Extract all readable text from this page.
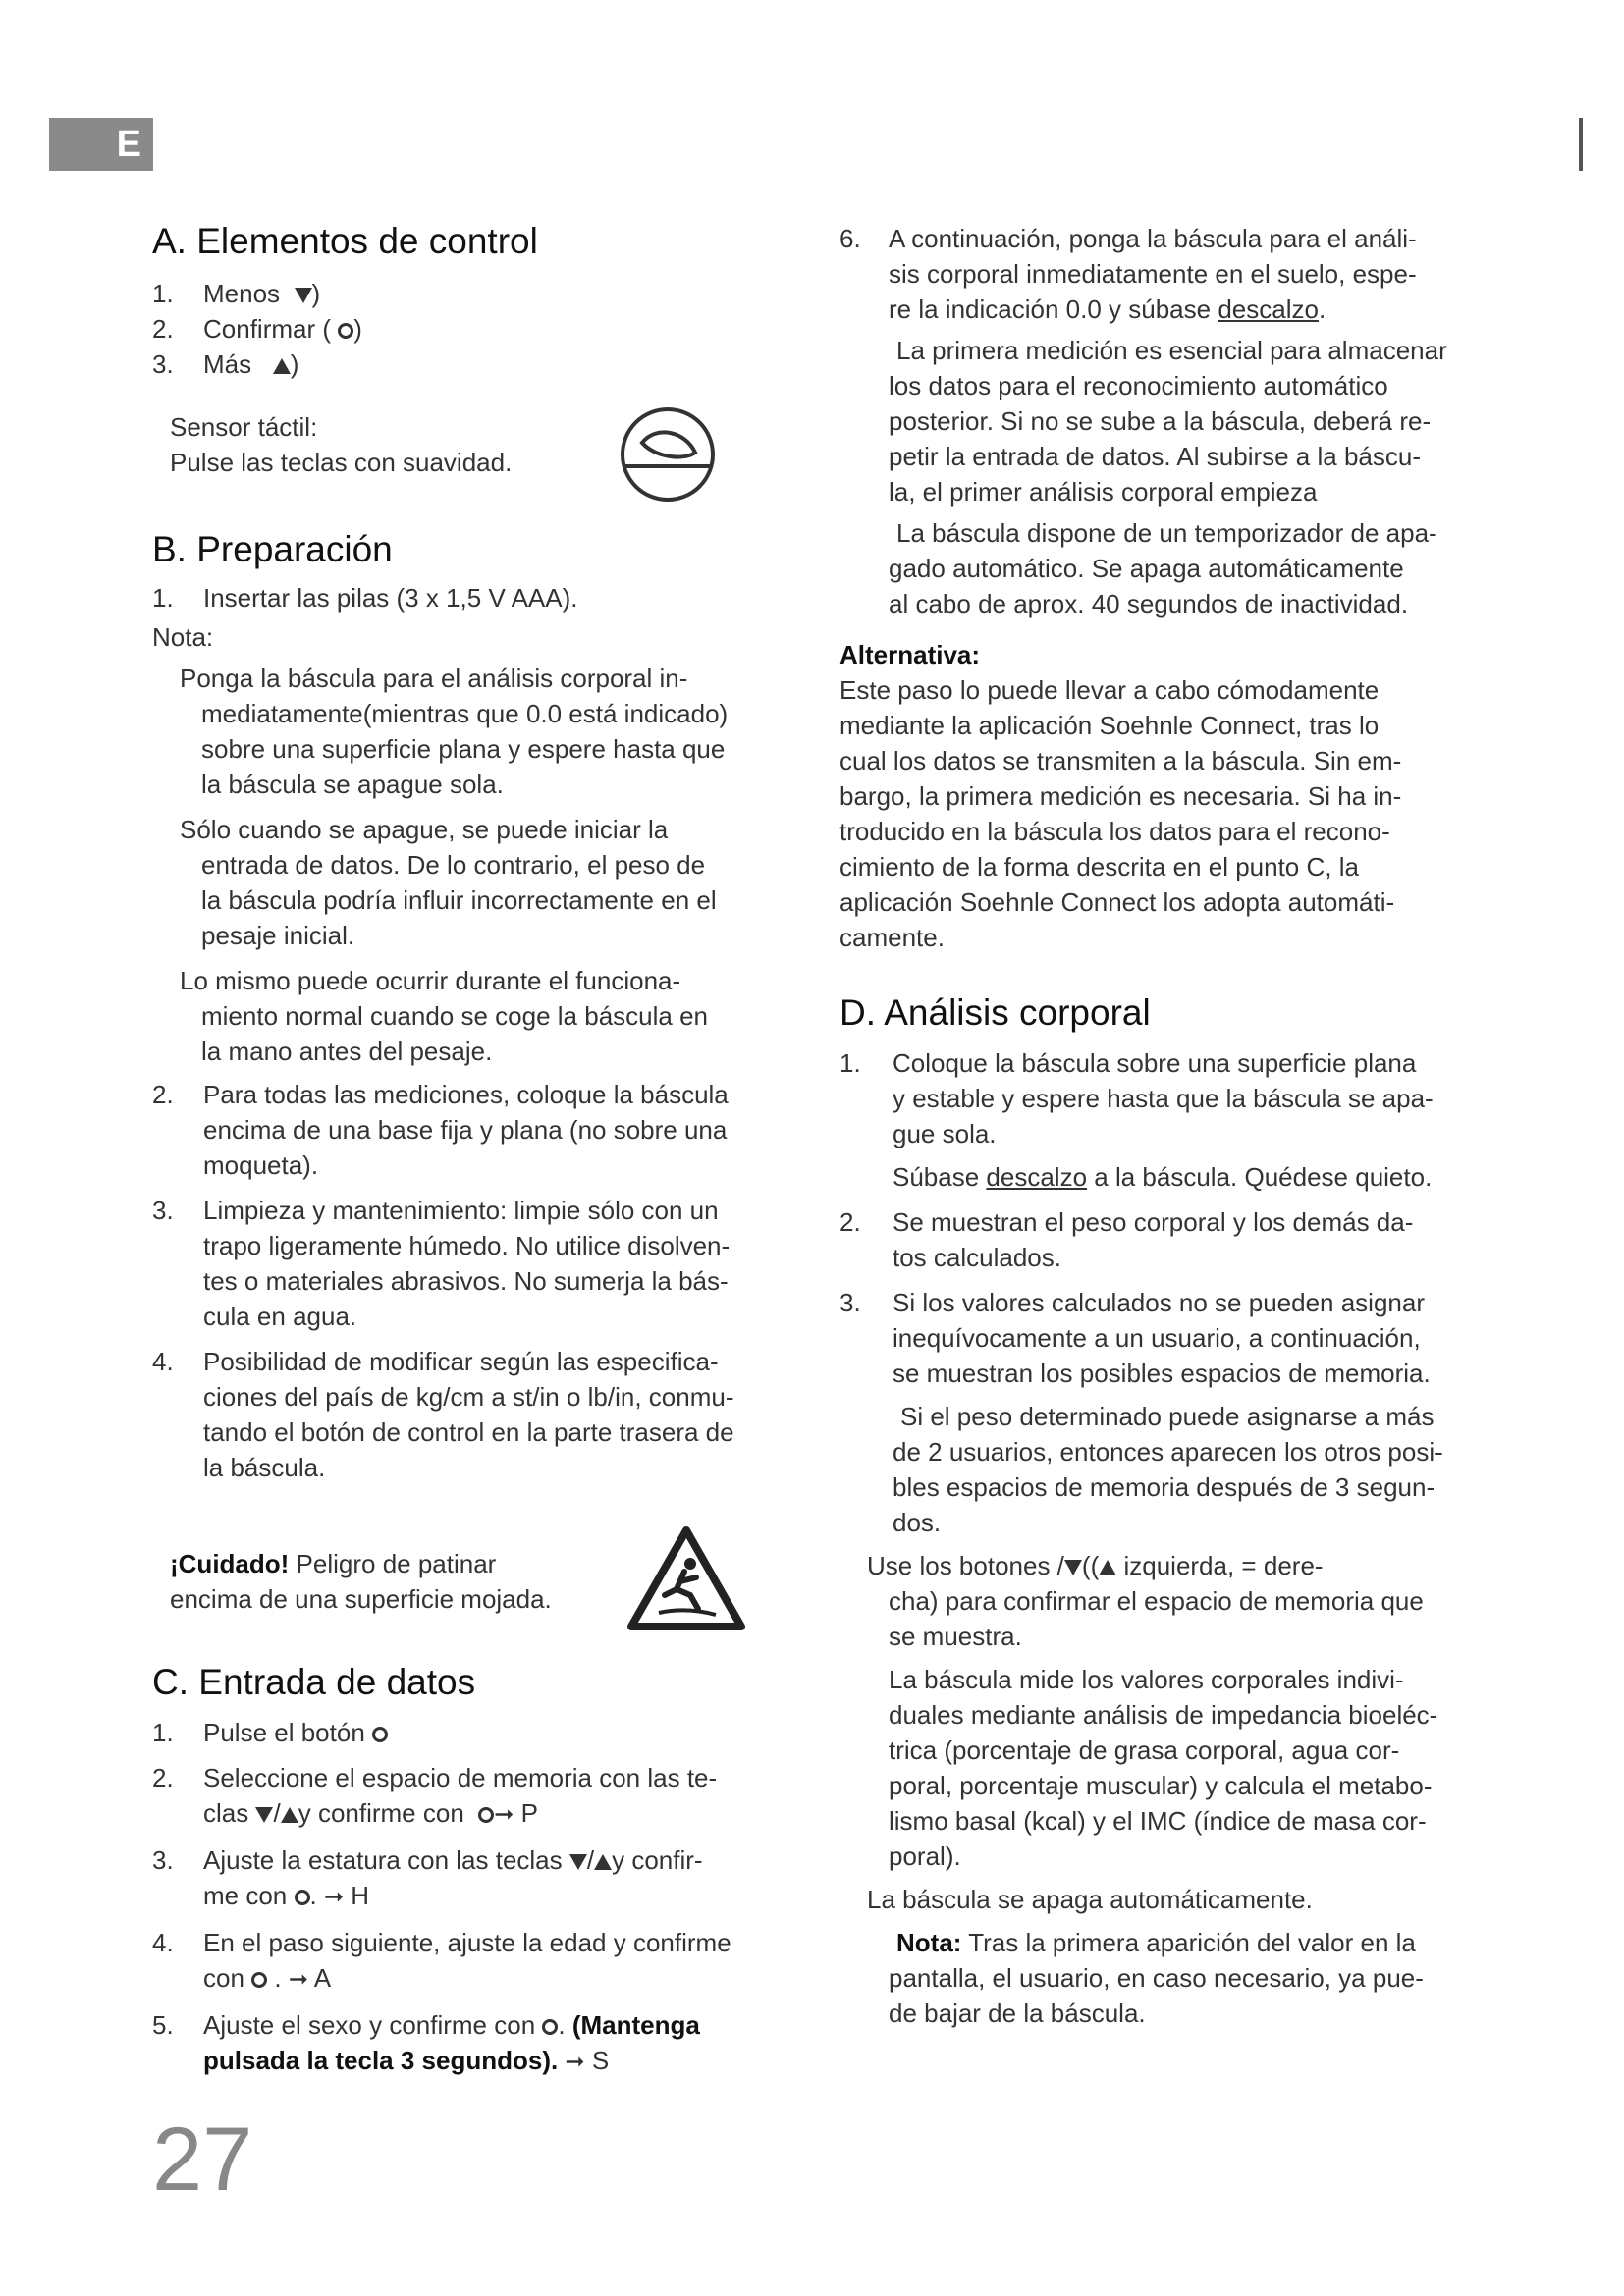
E
A. Elementos de control
1.	Menos )
2.	Confirmar ( )
3.	Más )

Sensor táctil:

Pulse las teclas con suavidad.

B. Preparación
1.	Insertar las pilas (3 x 1,5 V AAA).

Nota:

Ponga la báscula para el análisis corporal in-

mediatamente(mientras que 0.0 está indicado)

sobre una superficie plana y espere hasta que

la báscula se apague sola.

Sólo cuando se apague, se puede iniciar la

entrada de datos. De lo contrario, el peso de

la báscula podría influir incorrectamente en el

pesaje inicial.

Lo mismo puede ocurrir durante el funciona-

miento normal cuando se coge la báscula en

la mano antes del pesaje.

2.	Para todas las mediciones, coloque la báscula

encima de una base fija y plana (no sobre una

moqueta).

3.	Limpieza y mantenimiento: limpie sólo con un

trapo ligeramente húmedo. No utilice disolven-

tes o materiales abrasivos. No sumerja la bás-

cula en agua.

4.	Posibilidad de modificar según las especifica-

ciones del país de kg/cm a st/in o lb/in, conmu-

tando el botón de control en la parte trasera de

la báscula.

¡Cuidado! Peligro de patinar

encima de una superficie mojada.

C. Entrada de datos
1.	Pulse el botón
2.	Seleccione el espacio de memoria con las te-

clas / y confirme con ➞ P

3.	Ajuste la estatura con las teclas / y confir-

me con . ➞ H

4.	En el paso siguiente, ajuste la edad y confirme

con  . ➞ A

5.	Ajuste el sexo y confirme con . (Mantenga

pulsada la tecla 3 segundos). ➞ S

6.	A continuación, ponga la báscula para el análi-

sis corporal inmediatamente en el suelo, espe-

re la indicación 0.0 y súbase descalzo.

La primera medición es esencial para almacenar

los datos para el reconocimiento automático

posterior. Si no se sube a la báscula, deberá re-

petir la entrada de datos. Al subirse a la báscu-

la, el primer análisis corporal empieza

La báscula dispone de un temporizador de apa-

gado automático. Se apaga automáticamente

al cabo de aprox. 40 segundos de inactividad.

Alternativa:

Este paso lo puede llevar a cabo cómodamente

mediante la aplicación Soehnle Connect, tras lo

cual los datos se transmiten a la báscula. Sin em-

bargo, la primera medición es necesaria. Si ha in-

troducido en la báscula los datos para el recono-

cimiento de la forma descrita en el punto C, la

aplicación Soehnle Connect los adopta automáti-

camente.

D. Análisis corporal
1.	Coloque la báscula sobre una superficie plana

y estable y espere hasta que la báscula se apa-

gue sola.

Súbase descalzo a la báscula. Quédese quieto.

2.	Se muestran el peso corporal y los demás da-

tos calculados.

3.	Si los valores calculados no se pueden asignar

inequívocamente a un usuario, a continuación,

se muestran los posibles espacios de memoria.

Si el peso determinado puede asignarse a más

de 2 usuarios, entonces aparecen los otros posi-

bles espacios de memoria después de 3 segun-

dos.

Use los botones / (( izquierda, = dere-

cha) para confirmar el espacio de memoria que

se muestra.

La báscula mide los valores corporales indivi-

duales mediante análisis de impedancia bioeléc-

trica (porcentaje de grasa corporal, agua cor-

poral, porcentaje muscular) y calcula el metabo-

lismo basal (kcal) y el IMC (índice de masa cor-

poral).

La báscula se apaga automáticamente.

Nota: Tras la primera aparición del valor en la

pantalla, el usuario, en caso necesario, ya pue-

de bajar de la báscula.

27
